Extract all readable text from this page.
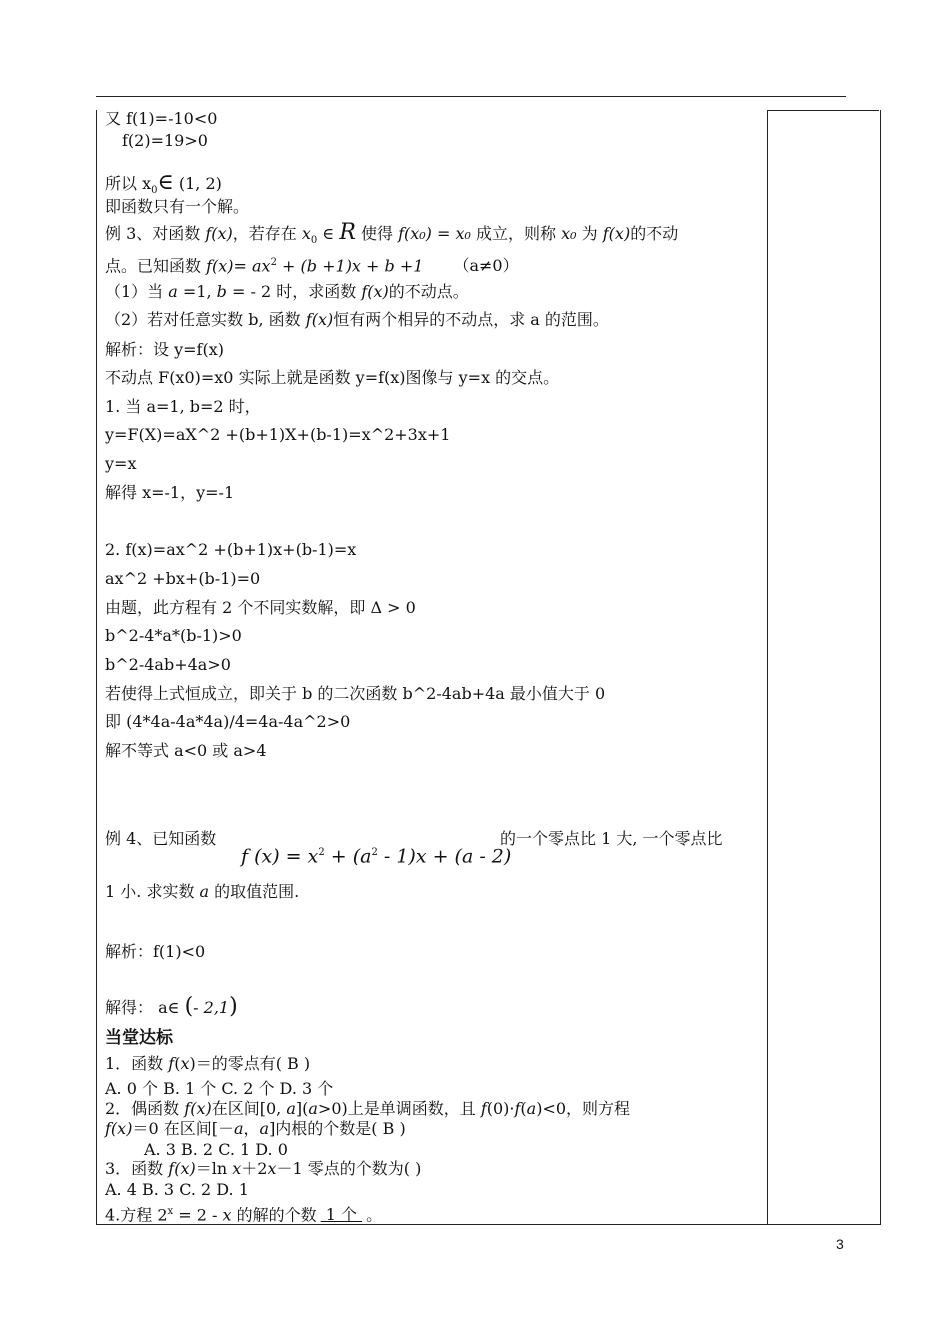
又 f(1)=-10<0
f(2)=19>0
所以 $x_0\in$ (1, 2)
即函数只有一个解。
例 3、对函数 f(x)，若存在 $x_0$ ∈ R 使得 f(x₀) = x₀ 成立，则称 x₀ 为 f(x)的不动
点。已知函数 $f(x)= ax^2 + (b +1)x + b +1$ （a≠0）
（1）当 a =1, b = - 2 时，求函数 f(x)的不动点。
（2）若对任意实数 b, 函数 f(x)恒有两个相异的不动点，求 a 的范围。
解析：设 y=f(x)
不动点 F(x0)=x0 实际上就是函数 y=f(x)图像与 y=x 的交点。
1. 当 a=1, b=2 时，
y=F(X)=aX^2 +(b+1)X+(b-1)=x^2+3x+1
y=x
解得 x=-1，y=-1
2. f(x)=ax^2 +(b+1)x+(b-1)=x
ax^2 +bx+(b-1)=0
由题，此方程有 2 个不同实数解，即 Δ > 0
b^2-4*a*(b-1)>0
b^2-4ab+4a>0
若使得上式恒成立，即关于 b 的二次函数 b^2-4ab+4a 最小值大于 0
即 (4*4a-4a*4a)/4=4a-4a^2>0
解不等式 a<0 或 a>4
例 4、已知函数
f $(x) = x^2 + (a^2 - 1)x + (a - 2)$
的一个零点比 1 大, 一个零点比
1 小. 求实数 a 的取值范围.
解析：f(1)<0
解得： a∈ (- 2,1)
当堂达标
1．函数 f(x)＝的零点有( B )
A. 0 个 B. 1 个 C. 2 个 D. 3 个
2．偶函数 f(x)在区间[0, a](a>0)上是单调函数，且 f(0)·f(a)<0，则方程
f(x)＝0 在区间[－a，a]内根的个数是( B )
A. 3 B. 2 C. 1 D. 0
3．函数 f(x)＝ln x＋2x－1 零点的个数为( )
A. 4 B. 3 C. 2 D. 1
4.方程 $2^x = 2 - x$ 的解的个数 1 个 。
3
